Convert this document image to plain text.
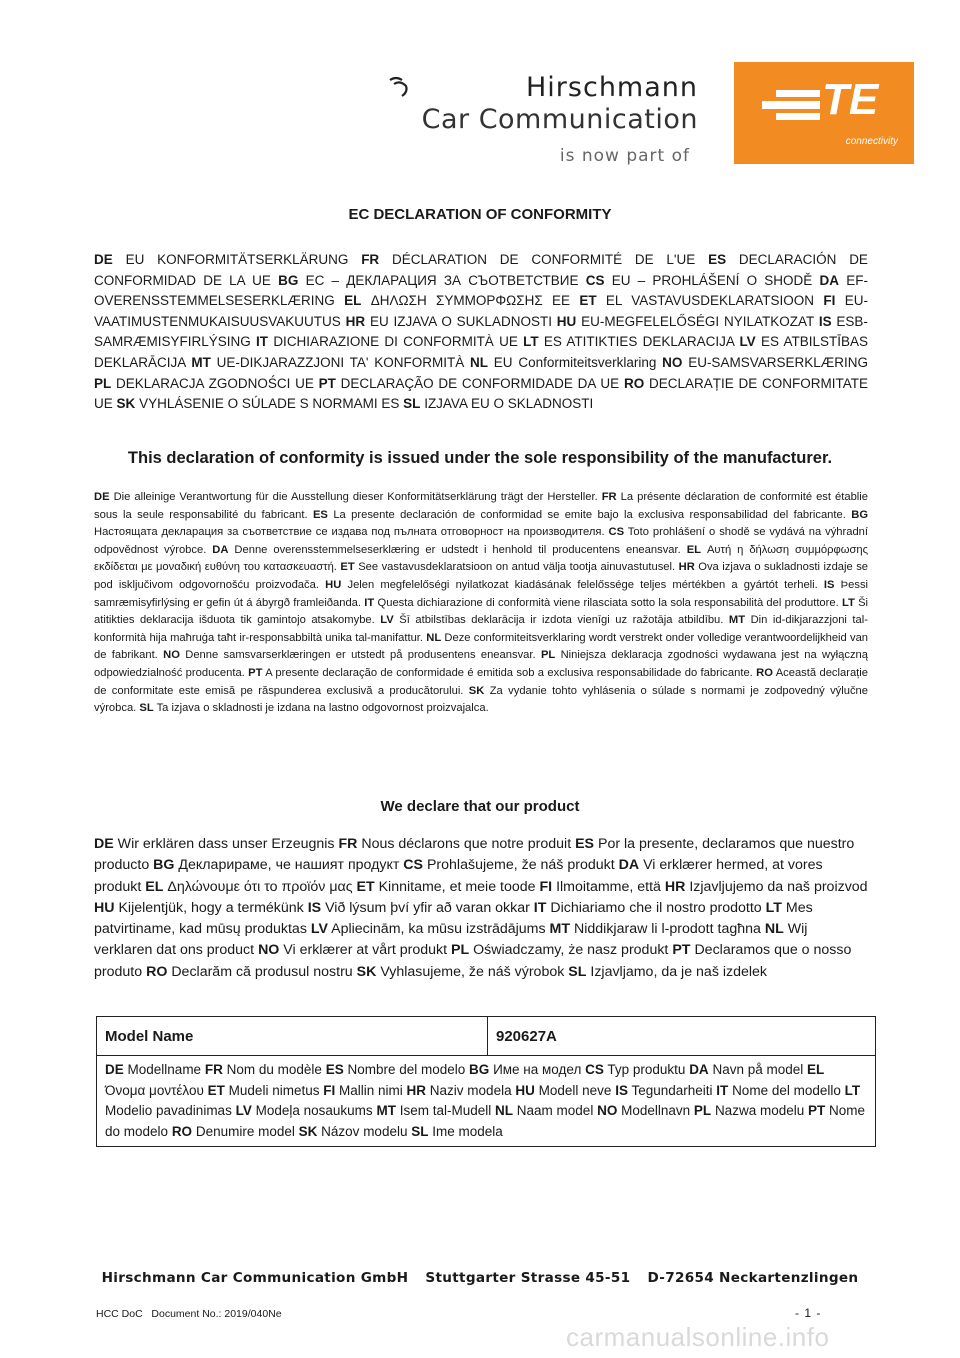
Hirschmann
Car Communication
is now part of
TE
connectivity
EC DECLARATION OF CONFORMITY
DE EU KONFORMITÄTSERKLÄRUNG FR DÉCLARATION DE CONFORMITÉ DE L'UE ES DECLARACIÓN DE CONFORMIDAD DE LA UE BG ЕС – ДЕКЛАРАЦИЯ ЗА СЪОТВЕТСТВИЕ CS EU – PROHLÁŠENÍ O SHODĚ DA EF-OVERENSSTEMMELSESERKLÆRING EL ΔΗΛΩΣΗ ΣΥΜΜΟΡΦΩΣΗΣ ΕΕ ET EL VASTAVUSDEKLARATSIOON FI EU-VAATIMUSTENMUKAISUUSVAKUUTUS HR EU IZJAVA O SUKLADNOSTI HU EU-MEGFELELŐSÉGI NYILATKOZAT IS ESB-SAMRÆMISYFIRLÝSING IT DICHIARAZIONE DI CONFORMITÀ UE LT ES ATITIKTIES DEKLARACIJA LV ES ATBILSTĪBAS DEKLARĀCIJA MT UE-DIKJARAZZJONI TA' KONFORMITÀ NL EU Conformiteitsverklaring NO EU-SAMSVARSERKLÆRING PL DEKLARACJA ZGODNOŚCI UE PT DECLARAÇÃO DE CONFORMIDADE DA UE RO DECLARAȚIE DE CONFORMITATE UE SK VYHLÁSENIE O SÚLADE S NORMAMI ES SL IZJAVA EU O SKLADNOSTI
This declaration of conformity is issued under the sole responsibility of the manufacturer.
DE Die alleinige Verantwortung für die Ausstellung dieser Konformitätserklärung trägt der Hersteller. FR La présente déclaration de conformité est établie sous la seule responsabilité du fabricant. ES La presente declaración de conformidad se emite bajo la exclusiva responsabilidad del fabricante. BG Настоящата декларация за съответствие се издава под пълната отговорност на производителя. CS Toto prohlášení o shodě se vydává na výhradní odpovědnost výrobce. DA Denne overensstemmelseserklæring er udstedt i henhold til producentens eneansvar. EL Αυτή η δήλωση συμμόρφωσης εκδίδεται με μοναδική ευθύνη του κατασκευαστή. ET See vastavusdeklaratsioon on antud välja tootja ainuvastutusel. HR Ova izjava o sukladnosti izdaje se pod isključivom odgovornošću proizvođača. HU Jelen megfelelőségi nyilatkozat kiadásának felelőssége teljes mértékben a gyártót terheli. IS Þessi samræmisyfirlýsing er gefin út á ábyrgð framleiðanda. IT Questa dichiarazione di conformità viene rilasciata sotto la sola responsabilità del produttore. LT Ši atitikties deklaracija išduota tik gamintojo atsakomybe. LV Šī atbilstības deklarācija ir izdota vienīgi uz ražotāja atbildību. MT Din id-dikjarazzjoni tal-konformità hija maħruġa taħt ir-responsabbiltà unika tal-manifattur. NL Deze conformiteitsverklaring wordt verstrekt onder volledige verantwoordelijkheid van de fabrikant. NO Denne samsvarserklæringen er utstedt på produsentens eneansvar. PL Niniejsza deklaracja zgodności wydawana jest na wyłączną odpowiedzialność producenta. PT A presente declaração de conformidade é emitida sob a exclusiva responsabilidade do fabricante. RO Această declarație de conformitate este emisă pe răspunderea exclusivă a producătorului. SK Za vydanie tohto vyhlásenia o súlade s normami je zodpovedný výlučne výrobca. SL Ta izjava o skladnosti je izdana na lastno odgovornost proizvajalca.
We declare that our product
DE Wir erklären dass unser Erzeugnis FR Nous déclarons que notre produit ES Por la presente, declaramos que nuestro producto BG Декларираме, че нашият продукт CS Prohlašujeme, že náš produkt DA Vi erklærer hermed, at vores produkt EL Δηλώνουμε ότι το προϊόν μας ET Kinnitame, et meie toode FI Ilmoitamme, että HR Izjavljujemo da naš proizvod HU Kijelentjük, hogy a termékünk IS Við lýsum því yfir að varan okkar IT Dichiariamo che il nostro prodotto LT Mes patvirtiname, kad mūsų produktas LV Apliecinām, ka mūsu izstrādājums MT Niddikjaraw li l-prodott tagħna NL Wij verklaren dat ons product NO Vi erklærer at vårt produkt PL Oświadczamy, że nasz produkt PT Declaramos que o nosso produto RO Declarăm că produsul nostru SK Vyhlasujeme, že náš výrobok SL Izjavljamo, da je naš izdelek
Model Name	920627A
DE Modellname FR Nom du modèle ES Nombre del modelo BG Име на модел CS Typ produktu DA Navn på model EL Όνομα μοντέλου ET Mudeli nimetus FI Mallin nimi HR Naziv modela HU Modell neve IS Tegundarheiti IT Nome del modello LT Modelio pavadinimas LV Modeļa nosaukums MT Isem tal-Mudell NL Naam model NO Modellnavn PL Nazwa modelu PT Nome do modelo RO Denumire model SK Názov modelu SL Ime modela
Hirschmann Car Communication GmbH Stuttgarter Strasse 45-51 D-72654 Neckartenzlingen
HCC DoC   Document No.: 2019/040Ne	- 1 -
carmanualsonline.info
